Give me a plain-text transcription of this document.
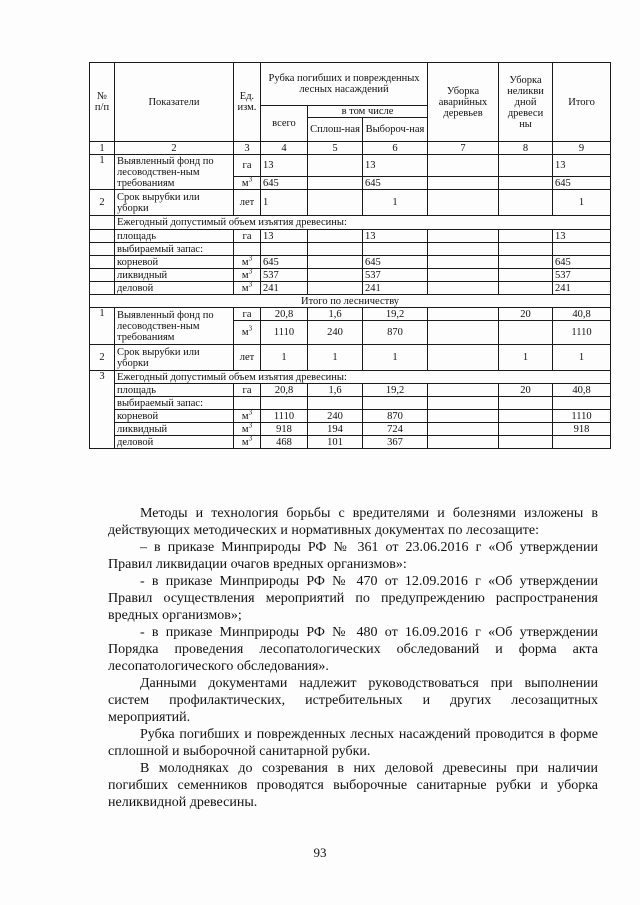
№ п/п	Показатели	Ед. изм.	Рубка погибших и поврежденных лесных насаждений			Уборка аварийных деревьев	Уборка неликви дной древеси ны	Итого
			всего	в том числе				
				Сплош-ная	Выбороч-ная			
1	2	3	4	5	6	7	8	9
1	Выявленный фонд по лесоводствен-ным требованиям	га	13		13			13
		$м^3$	645		645			645
2	Срок вырубки или уборки	лет	1		1			1
	Ежегодный допустимый объем изъятия древесины:							
	площадь	га	13		13			13
	выбираемый запас:							
	корневой	$м^3$	645		645			645
	ликвидный	$м^3$	537		537			537
	деловой	$м^3$	241		241			241
Итого по лесничеству								
1	Выявленный фонд по лесоводствен-ным требованиям	га	20,8	1,6	19,2		20	40,8
		$м^3$	1110	240	870			1110
2	Срок вырубки или уборки	лет	1	1	1		1	1
3	Ежегодный допустимый объем изъятия древесины:							
	площадь	га	20,8	1,6	19,2		20	40,8
	выбираемый запас:							
	корневой	$м^3$	1110	240	870			1110
	ликвидный	$м^3$	918	194	724			918
	деловой	$м^3$	468	101	367			

Методы и технология борьбы с вредителями и болезнями изложены в действующих методических и нормативных документах по лесозащите:

– в приказе Минприроды РФ № 361 от 23.06.2016 г «Об утверждении Правил ликвидации очагов вредных организмов»:

- в приказе Минприроды РФ № 470 от 12.09.2016 г «Об утверждении Правил осуществления мероприятий по предупреждению распространения вредных организмов»;

- в приказе Минприроды РФ № 480 от 16.09.2016 г «Об утверждении Порядка проведения лесопатологических обследований и форма акта лесопатологического обследования».

Данными документами надлежит руководствоваться при выполнении систем профилактических, истребительных и других лесозащитных мероприятий.

Рубка погибших и поврежденных лесных насаждений проводится в форме сплошной и выборочной санитарной рубки.

В молодняках до созревания в них деловой древесины при наличии погибших семенников проводятся выборочные санитарные рубки и уборка неликвидной древесины.

93
